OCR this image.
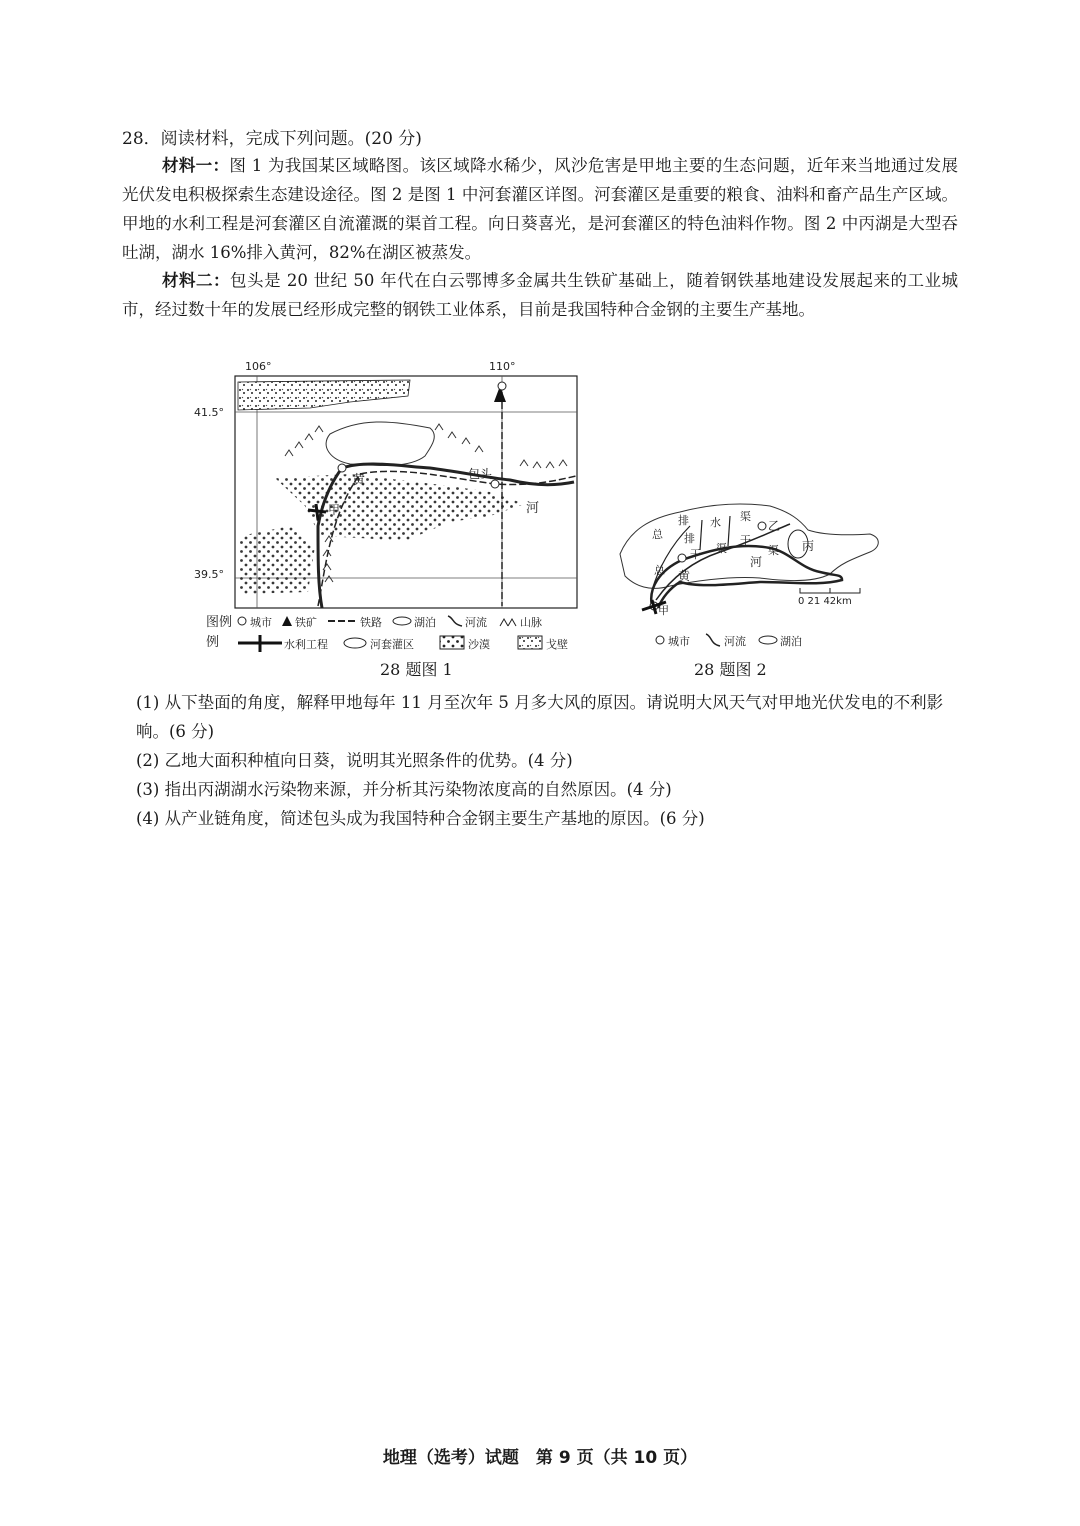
28．阅读材料，完成下列问题。(20 分)
材料一：图 1 为我国某区域略图。该区域降水稀少，风沙危害是甲地主要的生态问题，近年来当地通过发展光伏发电积极探索生态建设途径。图 2 是图 1 中河套灌区详图。河套灌区是重要的粮食、油料和畜产品生产区域。甲地的水利工程是河套灌区自流灌溉的渠首工程。向日葵喜光，是河套灌区的特色油料作物。图 2 中丙湖是大型吞吐湖，湖水 16%排入黄河，82%在湖区被蒸发。
材料二：包头是 20 世纪 50 年代在白云鄂博多金属共生铁矿基础上，随着钢铁基地建设发展起来的工业城市，经过数十年的发展已经形成完整的钢铁工业体系，目前是我国特种合金钢的主要生产基地。
106°	110°
41.5°
39.5°
包头
甲
黄
河
图例 城市 铁矿	铁路	湖泊	河流	山脉
例	水利工程	河套灌区	沙漠	戈壁
28 题图 1
排 水 渠
乙
总 排	干
渠 丙
总
干 渠
黄
河
甲
0 21 42km
城市	河流	湖泊
28 题图 2
(1) 从下垫面的角度，解释甲地每年 11 月至次年 5 月多大风的原因。请说明大风天气对甲地光伏发电的不利影响。(6 分)
(2) 乙地大面积种植向日葵，说明其光照条件的优势。(4 分)
(3) 指出丙湖湖水污染物来源，并分析其污染物浓度高的自然原因。(4 分)
(4) 从产业链角度，简述包头成为我国特种合金钢主要生产基地的原因。(6 分)
地理（选考）试题　第 9 页（共 10 页）
